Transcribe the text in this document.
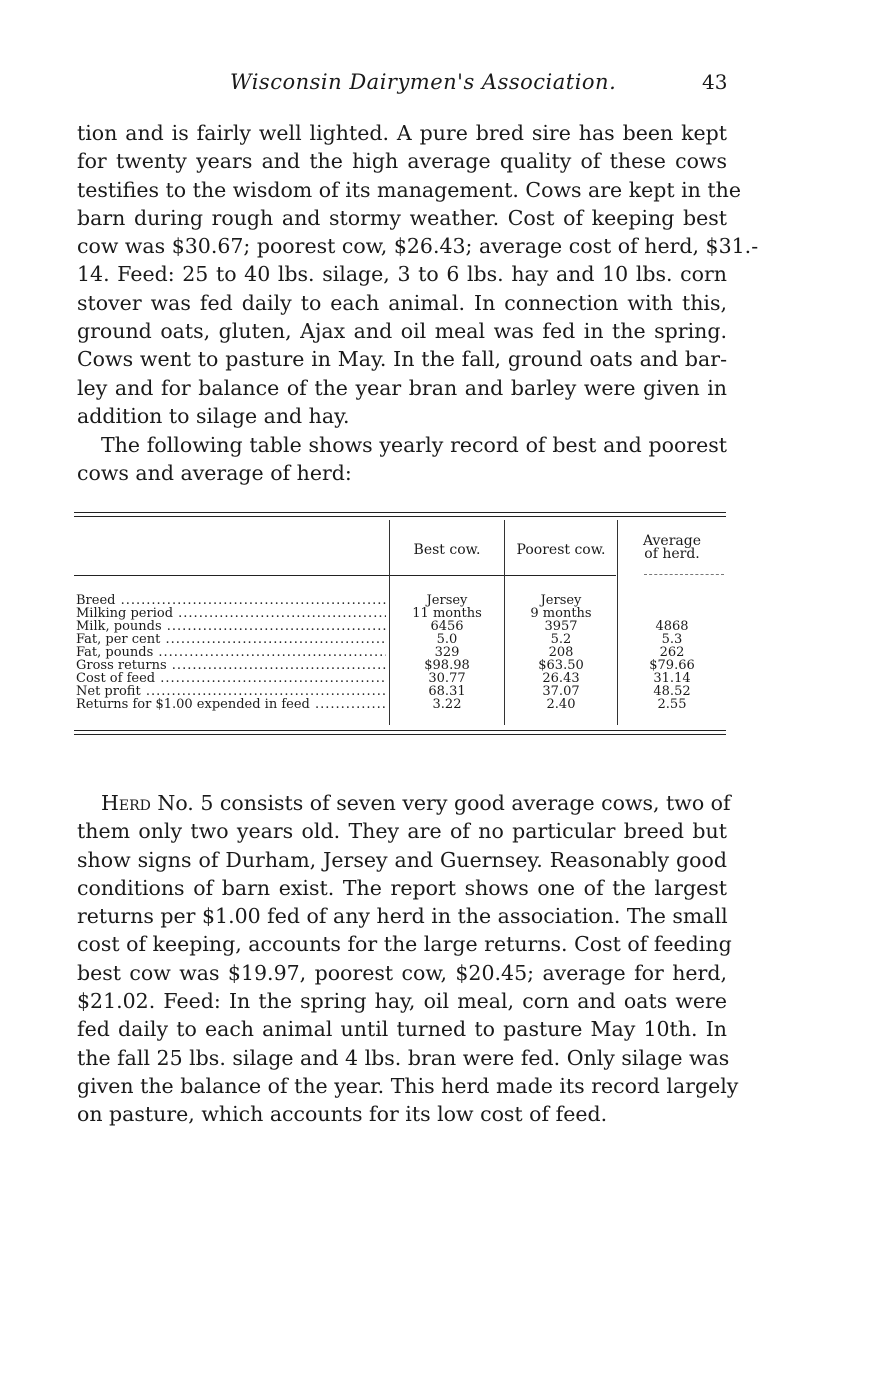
Wisconsin Dairymen's Association.	43
tion and is fairly well lighted. A pure bred sire has been kept
for twenty years and the high average quality of these cows
testifies to the wisdom of its management. Cows are kept in the
barn during rough and stormy weather. Cost of keeping best
cow was $30.67; poorest cow, $26.43; average cost of herd, $31.-
14. Feed: 25 to 40 lbs. silage, 3 to 6 lbs. hay and 10 lbs. corn
stover was fed daily to each animal. In connection with this,
ground oats, gluten, Ajax and oil meal was fed in the spring.
Cows went to pasture in May. In the fall, ground oats and bar-
ley and for balance of the year bran and barley were given in
addition to silage and hay.
The following table shows yearly record of best and poorest
cows and average of herd:
Best cow.	Poorest cow.
Average
of herd.
Breed .....	Jersey	Jersey
Milking period .....	11 months	9 months
Milk, pounds .....	6456	3957	4868
Fat, per cent .....	5.0	5.2	5.3
Fat, pounds .....	329	208	262
Gross returns .....	$98.98	$63.50	$79.66
Cost of feed .....	30.77	26.43	31.14
Net profit .....	68.31	37.07	48.52
Returns for $1.00 expended in feed .....	3.22	2.40	2.55
Herd No. 5 consists of seven very good average cows, two of
them only two years old. They are of no particular breed but
show signs of Durham, Jersey and Guernsey. Reasonably good
conditions of barn exist. The report shows one of the largest
returns per $1.00 fed of any herd in the association. The small
cost of keeping, accounts for the large returns. Cost of feeding
best cow was $19.97, poorest cow, $20.45; average for herd,
$21.02. Feed: In the spring hay, oil meal, corn and oats were
fed daily to each animal until turned to pasture May 10th. In
the fall 25 lbs. silage and 4 lbs. bran were fed. Only silage was
given the balance of the year. This herd made its record largely
on pasture, which accounts for its low cost of feed.
